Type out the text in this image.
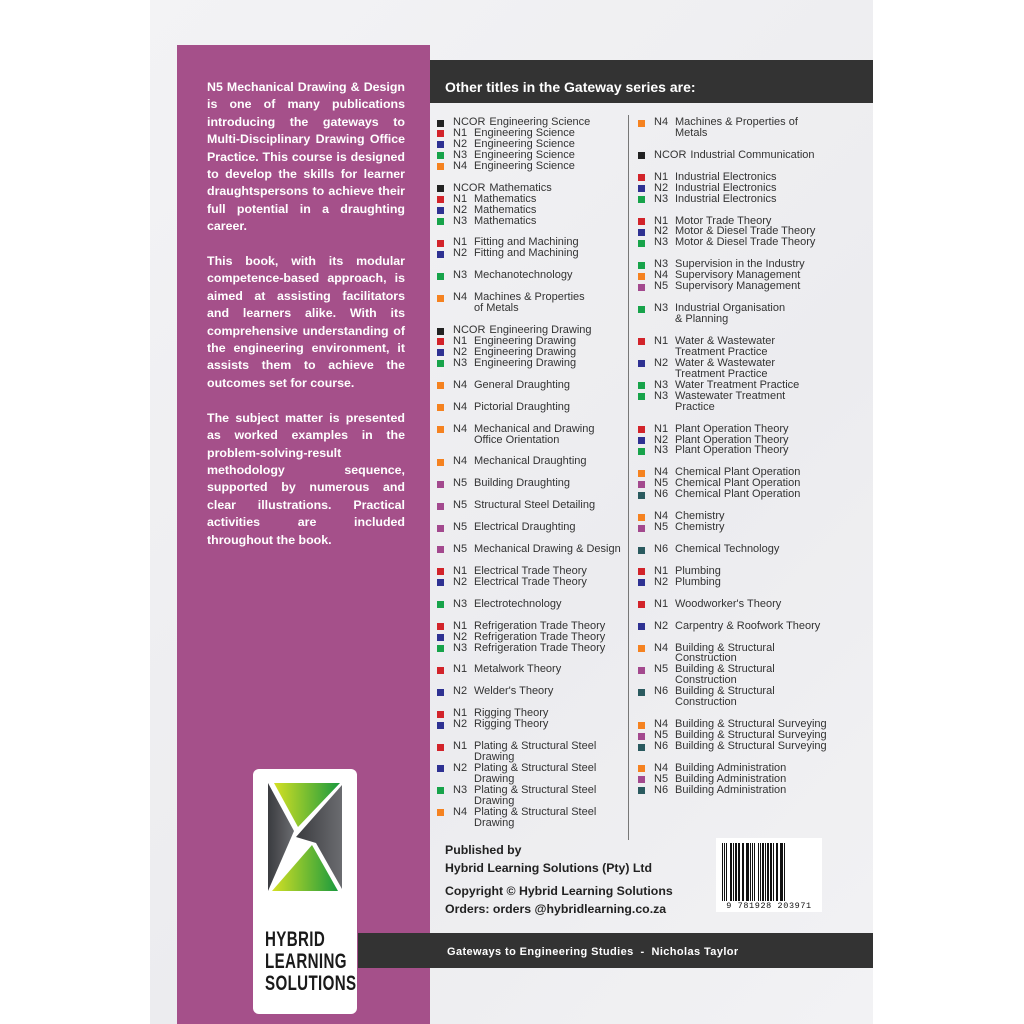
N5 Mechanical Drawing & Design is one of many publications introducing the gateways to Multi-Disciplinary Drawing Office Practice. This course is designed to develop the skills for learner draughtspersons to achieve their full potential in a draughting career.

This book, with its modular competence-based approach, is aimed at assisting facilitators and learners alike. With its comprehensive understanding of the engineering environment, it assists them to achieve the outcomes set for course.

The subject matter is presented as worked examples in the problem-solving-result methodology sequence, supported by numerous and clear illustrations. Practical activities are included throughout the book.

HYBRID
LEARNING
SOLUTIONS
Other titles in the Gateway series are:
NCOR Engineering Science
N1 Engineering Science
N2 Engineering Science
N3 Engineering Science
N4 Engineering Science
NCOR Mathematics
N1 Mathematics
N2 Mathematics
N3 Mathematics
N1 Fitting and Machining
N2 Fitting and Machining
N3 Mechanotechnology
N4 Machines & Properties
of Metals
NCOR Engineering Drawing
N1 Engineering Drawing
N2 Engineering Drawing
N3 Engineering Drawing
N4 General Draughting
N4 Pictorial Draughting
N4 Mechanical and Drawing
Office Orientation
N4 Mechanical Draughting
N5 Building Draughting
N5 Structural Steel Detailing
N5 Electrical Draughting
N5 Mechanical Drawing & Design
N1 Electrical Trade Theory
N2 Electrical Trade Theory
N3 Electrotechnology
N1 Refrigeration Trade Theory
N2 Refrigeration Trade Theory
N3 Refrigeration Trade Theory
N1 Metalwork Theory
N2 Welder's Theory
N1 Rigging Theory
N2 Rigging Theory
N1 Plating & Structural Steel
Drawing
N2 Plating & Structural Steel
Drawing
N3 Plating & Structural Steel
Drawing
N4 Plating & Structural Steel
Drawing
N4 Machines & Properties of
Metals
NCOR Industrial Communication
N1 Industrial Electronics
N2 Industrial Electronics
N3 Industrial Electronics
N1 Motor Trade Theory
N2 Motor & Diesel Trade Theory
N3 Motor & Diesel Trade Theory
N3 Supervision in the Industry
N4 Supervisory Management
N5 Supervisory Management
N3 Industrial Organisation
& Planning
N1 Water & Wastewater
Treatment Practice
N2 Water & Wastewater
Treatment Practice
N3 Water Treatment Practice
N3 Wastewater Treatment
Practice
N1 Plant Operation Theory
N2 Plant Operation Theory
N3 Plant Operation Theory
N4 Chemical Plant Operation
N5 Chemical Plant Operation
N6 Chemical Plant Operation
N4 Chemistry
N5 Chemistry
N6 Chemical Technology
N1 Plumbing
N2 Plumbing
N1 Woodworker's Theory
N2 Carpentry & Roofwork Theory
N4 Building & Structural
Construction
N5 Building & Structural
Construction
N6 Building & Structural
Construction
N4 Building & Structural Surveying
N5 Building & Structural Surveying
N6 Building & Structural Surveying
N4 Building Administration
N5 Building Administration
N6 Building Administration
Published by
Hybrid Learning Solutions (Pty) Ltd
Copyright © Hybrid Learning Solutions
Orders: orders @hybridlearning.co.za	9 781928 203971
Gateways to Engineering Studies  -  Nicholas Taylor
